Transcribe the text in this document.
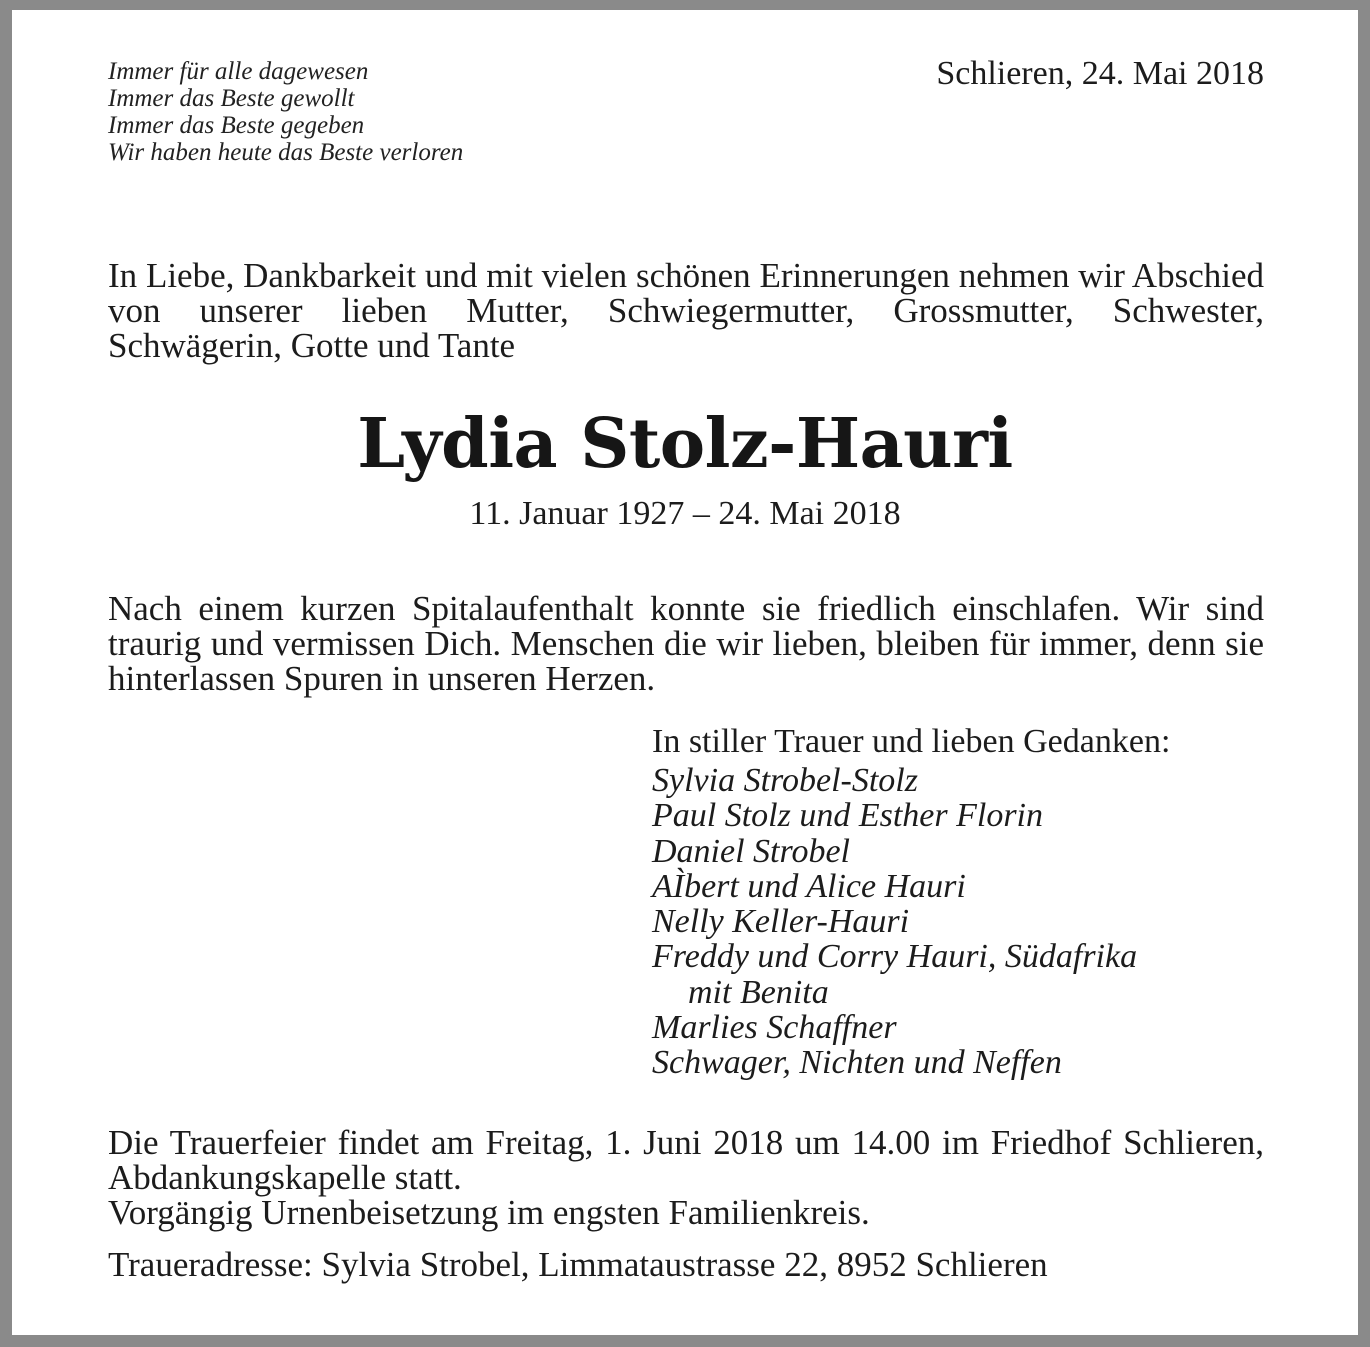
Immer für alle dagewesen
Immer das Beste gewollt
Immer das Beste gegeben
Wir haben heute das Beste verloren
Schlieren, 24. Mai 2018

In Liebe, Dankbarkeit und mit vielen schönen Erinnerungen nehmen wir Abschied von unserer lieben Mutter, Schwiegermutter, Grossmutter, Schwester, Schwägerin, Gotte und Tante

Lydia Stolz-Hauri
11. Januar 1927 – 24. Mai 2018

Nach einem kurzen Spitalaufenthalt konnte sie friedlich einschlafen. Wir sind traurig und vermissen Dich. Menschen die wir lieben, bleiben für immer, denn sie hinterlassen Spuren in unseren Herzen.

In stiller Trauer und lieben Gedanken:
Sylvia Strobel-Stolz
Paul Stolz und Esther Florin
Daniel Strobel
AÌbert und Alice Hauri
Nelly Keller-Hauri
Freddy und Corry Hauri, Südafrika
mit Benita
Marlies Schaffner
Schwager, Nichten und Neffen

Die Trauerfeier findet am Freitag, 1. Juni 2018 um 14.00 im Friedhof Schlieren, Abdankungskapelle statt.
Vorgängig Urnenbeisetzung im engsten Familienkreis.

Traueradresse: Sylvia Strobel, Limmataustrasse 22, 8952 Schlieren
